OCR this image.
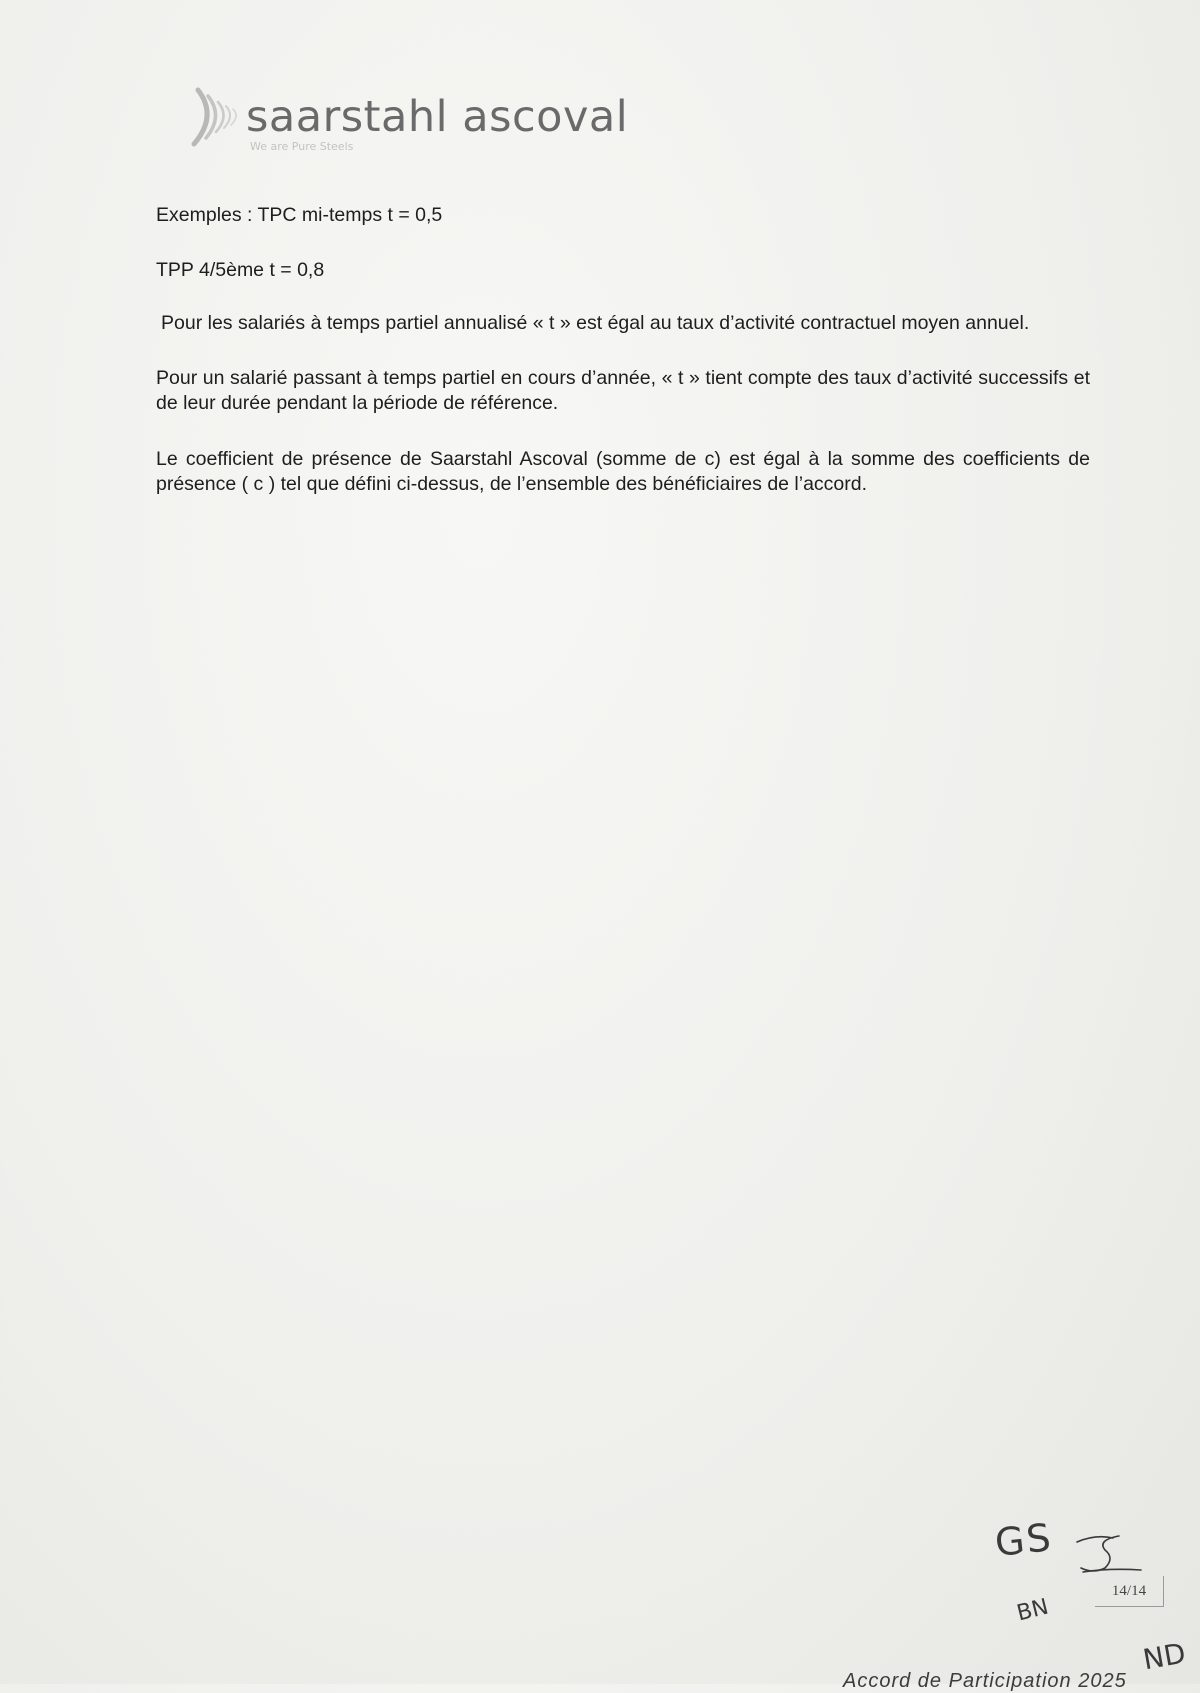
saarstahl ascoval
We are Pure Steels
Exemples : TPC mi-temps t = 0,5
TPP 4/5ème t = 0,8
Pour les salariés à temps partiel annualisé « t » est égal au taux d’activité contractuel moyen annuel.
Pour un salarié passant à temps partiel en cours d’année, « t » tient compte des taux d’activité successifs et de leur durée pendant la période de référence.
Le coefficient de présence de Saarstahl Ascoval (somme de c) est égal à la somme des coefficients de présence ( c ) tel que défini ci-dessus, de l’ensemble des bénéficiaires de l’accord.
GS
14/14
BN
ND
Accord de Participation 2025
